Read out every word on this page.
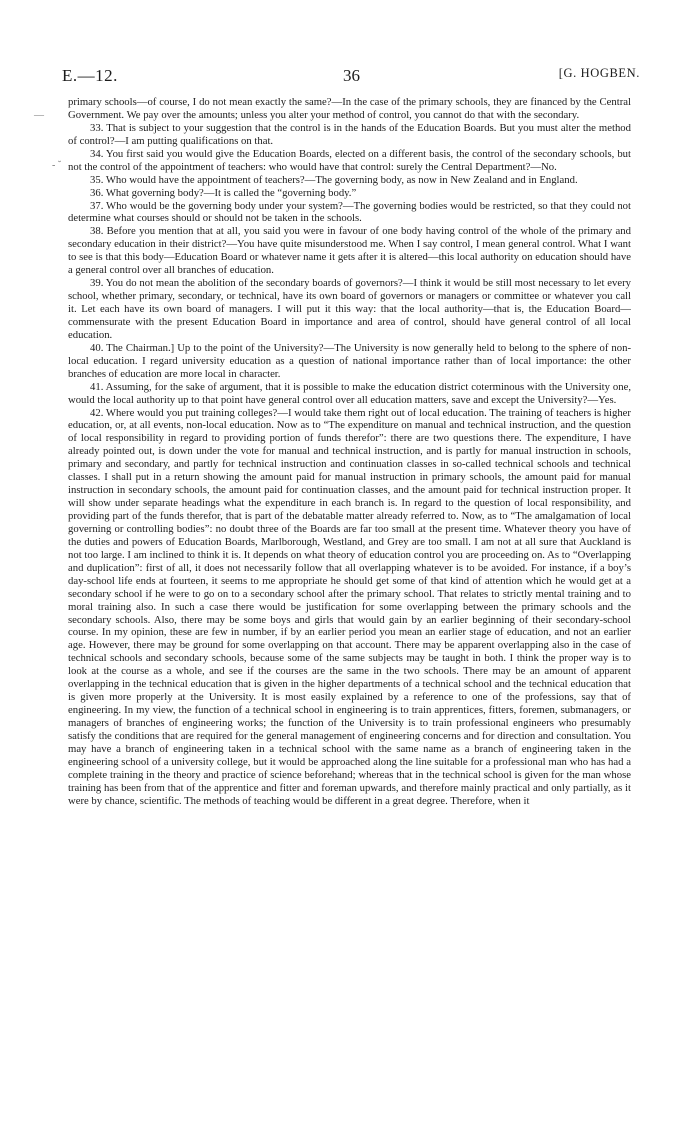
E.—12.	36	[G. HOGBEN.
—
- ˘

primary schools—of course, I do not mean exactly the same?—In the case of the primary schools, they are financed by the Central Government. We pay over the amounts; unless you alter your method of control, you cannot do that with the secondary.

33. That is subject to your suggestion that the control is in the hands of the Education Boards. But you must alter the method of control?—I am putting qualifications on that.

34. You first said you would give the Education Boards, elected on a different basis, the control of the secondary schools, but not the control of the appointment of teachers: who would have that control: surely the Central Department?—No.

35. Who would have the appointment of teachers?—The governing body, as now in New Zealand and in England.

36. What governing body?—It is called the “governing body.”

37. Who would be the governing body under your system?—The governing bodies would be restricted, so that they could not determine what courses should or should not be taken in the schools.

38. Before you mention that at all, you said you were in favour of one body having control of the whole of the primary and secondary education in their district?—You have quite misunderstood me. When I say control, I mean general control. What I want to see is that this body—Education Board or whatever name it gets after it is altered—this local authority on education should have a general control over all branches of education.

39. You do not mean the abolition of the secondary boards of governors?—I think it would be still most necessary to let every school, whether primary, secondary, or technical, have its own board of governors or managers or committee or whatever you call it. Let each have its own board of managers. I will put it this way: that the local authority—that is, the Education Board—commensurate with the present Education Board in importance and area of control, should have general control of all local education.

40. The Chairman.] Up to the point of the University?—The University is now generally held to belong to the sphere of non-local education. I regard university education as a question of national importance rather than of local importance: the other branches of education are more local in character.

41. Assuming, for the sake of argument, that it is possible to make the education district coterminous with the University one, would the local authority up to that point have general control over all education matters, save and except the University?—Yes.

42. Where would you put training colleges?—I would take them right out of local education. The training of teachers is higher education, or, at all events, non-local education. Now as to “The expenditure on manual and technical instruction, and the question of local responsibility in regard to providing portion of funds therefor”: there are two questions there. The expenditure, I have already pointed out, is down under the vote for manual and technical instruction, and is partly for manual instruction in schools, primary and secondary, and partly for technical instruction and continuation classes in so-called technical schools and technical classes. I shall put in a return showing the amount paid for manual instruction in primary schools, the amount paid for manual instruction in secondary schools, the amount paid for continuation classes, and the amount paid for technical instruction proper. It will show under separate headings what the expenditure in each branch is. In regard to the question of local responsibility, and providing part of the funds therefor, that is part of the debatable matter already referred to. Now, as to “The amalgamation of local governing or controlling bodies”: no doubt three of the Boards are far too small at the present time. Whatever theory you have of the duties and powers of Education Boards, Marlborough, Westland, and Grey are too small. I am not at all sure that Auckland is not too large. I am inclined to think it is. It depends on what theory of education control you are proceeding on. As to “Overlapping and duplication”: first of all, it does not necessarily follow that all overlapping whatever is to be avoided. For instance, if a boy’s day-school life ends at fourteen, it seems to me appropriate he should get some of that kind of attention which he would get at a secondary school if he were to go on to a secondary school after the primary school. That relates to strictly mental training and to moral training also. In such a case there would be justification for some overlapping between the primary schools and the secondary schools. Also, there may be some boys and girls that would gain by an earlier beginning of their secondary-school course. In my opinion, these are few in number, if by an earlier period you mean an earlier stage of education, and not an earlier age. However, there may be ground for some overlapping on that account. There may be apparent overlapping also in the case of technical schools and secondary schools, because some of the same subjects may be taught in both. I think the proper way is to look at the course as a whole, and see if the courses are the same in the two schools. There may be an amount of apparent overlapping in the technical education that is given in the higher departments of a technical school and the technical education that is given more properly at the University. It is most easily explained by a reference to one of the professions, say that of engineering. In my view, the function of a technical school in engineering is to train apprentices, fitters, foremen, submanagers, or managers of branches of engineering works; the function of the University is to train professional engineers who presumably satisfy the conditions that are required for the general management of engineering concerns and for direction and consultation. You may have a branch of engineering taken in a technical school with the same name as a branch of engineering taken in the engineering school of a university college, but it would be approached along the line suitable for a professional man who has had a complete training in the theory and practice of science beforehand; whereas that in the technical school is given for the man whose training has been from that of the apprentice and fitter and foreman upwards, and therefore mainly practical and only partially, as it were by chance, scientific. The methods of teaching would be different in a great degree. Therefore, when it
